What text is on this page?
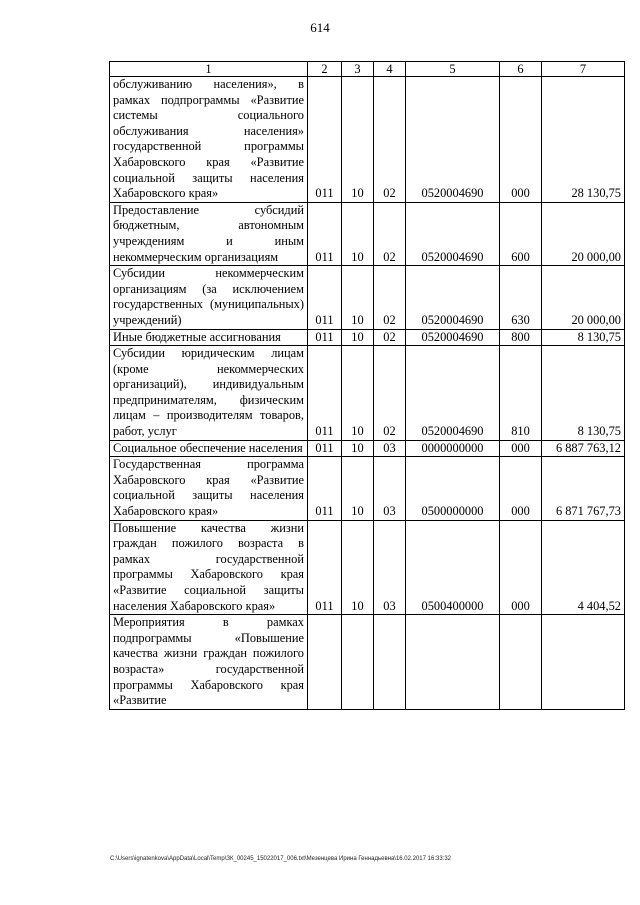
614
1	2	3	4	5	6	7
обслуживанию населения», в рамках подпрограммы «Развитие системы социального обслуживания населения» государственной программы Хабаровского края «Развитие социальной защиты населения Хабаровского края»	011	10	02	0520004690	000	28 130,75
Предоставление субсидий бюджетным, автономным учреждениям и иным некоммерческим организациям	011	10	02	0520004690	600	20 000,00
Субсидии некоммерческим организациям (за исключением государственных (муниципальных) учреждений)	011	10	02	0520004690	630	20 000,00
Иные бюджетные ассигнования	011	10	02	0520004690	800	8 130,75
Субсидии юридическим лицам (кроме некоммерческих организаций), индивидуальным предпринимателям, физическим лицам – производителям товаров, работ, услуг	011	10	02	0520004690	810	8 130,75
Социальное обеспечение населения	011	10	03	0000000000	000	6 887 763,12
Государственная программа Хабаровского края «Развитие социальной защиты населения Хабаровского края»	011	10	03	0500000000	000	6 871 767,73
Повышение качества жизни граждан пожилого возраста в рамках государственной программы Хабаровского края «Развитие социальной защиты населения Хабаровского края»	011	10	03	0500400000	000	4 404,52
Мероприятия в рамках подпрограммы «Повышение качества жизни граждан пожилого возраста» государственной программы Хабаровского края «Развитие						
C:\Users\ignatenkova\AppData\Local\Temp\ЗК_00245_15022017_006.txt\Мезенцева Ирина Геннадьевна\16.02.2017 16:33:32
